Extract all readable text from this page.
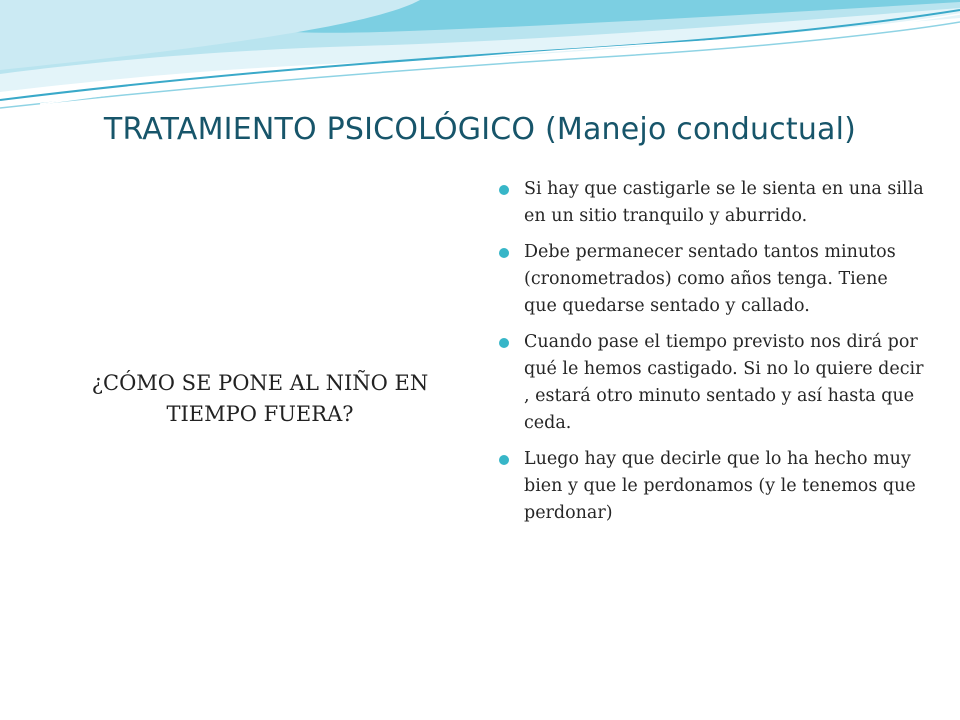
TRATAMIENTO PSICOLÓGICO (Manejo conductual)
¿CÓMO SE PONE AL NIÑO EN TIEMPO FUERA?
Si hay que castigarle se le sienta en una silla en un sitio tranquilo y aburrido.
Debe permanecer sentado tantos minutos (cronometrados) como años tenga. Tiene que quedarse sentado y callado.
Cuando pase el tiempo previsto nos dirá por qué le hemos castigado. Si no lo quiere decir , estará otro minuto sentado y así hasta que ceda.
Luego hay que decirle que lo ha hecho muy bien y que le perdonamos (y le tenemos que perdonar)
